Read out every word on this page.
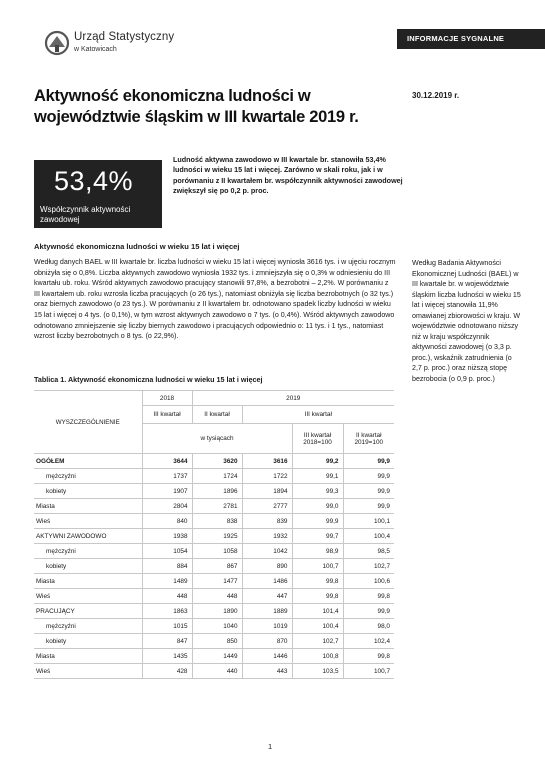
Urząd Statystyczny
w Katowicach
INFORMACJE SYGNALNE
Aktywność ekonomiczna ludności w województwie śląskim w III kwartale 2019 r.
30.12.2019 r.
53,4%
Współczynnik aktywności zawodowej

Ludność aktywna zawodowo w III kwartale br. stanowiła 53,4% ludności w wieku 15 lat i więcej. Zarówno w skali roku, jak i w porównaniu z II kwartałem br. współczynnik aktywności zawodowej zwiększył się po 0,2 p. proc.

Aktywność ekonomiczna ludności w wieku 15 lat i więcej

Według danych BAEL w III kwartale br. liczba ludności w wieku 15 lat i więcej wyniosła 3616 tys. i w ujęciu rocznym obniżyła się o 0,8%. Liczba aktywnych zawodowo wyniosła 1932 tys. i zmniejszyła się o 0,3% w odniesieniu do III kwartału ub. roku. Wśród aktywnych zawodowo pracujący stanowili 97,8%, a bezrobotni – 2,2%. W porównaniu z III kwartałem ub. roku wzrosła liczba pracujących (o 26 tys.), natomiast obniżyła się liczba bezrobotnych (o 32 tys.) oraz biernych zawodowo (o 23 tys.). W porównaniu z II kwartałem br. odnotowano spadek liczby ludności w wieku 15 lat i więcej o 4 tys. (o 0,1%), w tym wzrost aktywnych zawodowo o 7 tys. (o 0,4%). Wśród aktywnych zawodowo odnotowano zmniejszenie się liczby biernych zawodowo i pracujących odpowiednio o: 11 tys. i 1 tys., natomiast wzrost liczby bezrobotnych o 8 tys. (o 22,9%).

Według Badania Aktywności Ekonomicznej Ludności (BAEL) w III kwartale br. w województwie śląskim liczba ludności w wieku 15 lat i więcej stanowiła 11,9% omawianej zbiorowości w kraju. W województwie odnotowano niższy niż w kraju współczynnik aktywności zawodowej (o 3,3 p. proc.), wskaźnik zatrudnienia (o 2,7 p. proc.) oraz niższą stopę bezrobocia (o 0,9 p. proc.)

Tablica 1. Aktywność ekonomiczna ludności w wieku 15 lat i więcej
WYSZCZEGÓLNIENIE	2018	2019			
	III kwartał	II kwartał	III kwartał		
	w tysiącach			III kwartał 2018=100	II kwartał 2019=100
OGÓŁEM	3644	3620	3616	99,2	99,9
mężczyźni	1737	1724	1722	99,1	99,9
kobiety	1907	1896	1894	99,3	99,9
Miasta	2804	2781	2777	99,0	99,9
Wieś	840	838	839	99,9	100,1
AKTYWNI ZAWODOWO	1938	1925	1932	99,7	100,4
mężczyźni	1054	1058	1042	98,9	98,5
kobiety	884	867	890	100,7	102,7
Miasta	1489	1477	1486	99,8	100,6
Wieś	448	448	447	99,8	99,8
PRACUJĄCY	1863	1890	1889	101,4	99,9
mężczyźni	1015	1040	1019	100,4	98,0
kobiety	847	850	870	102,7	102,4
Miasta	1435	1449	1446	100,8	99,8
Wieś	428	440	443	103,5	100,7
1
